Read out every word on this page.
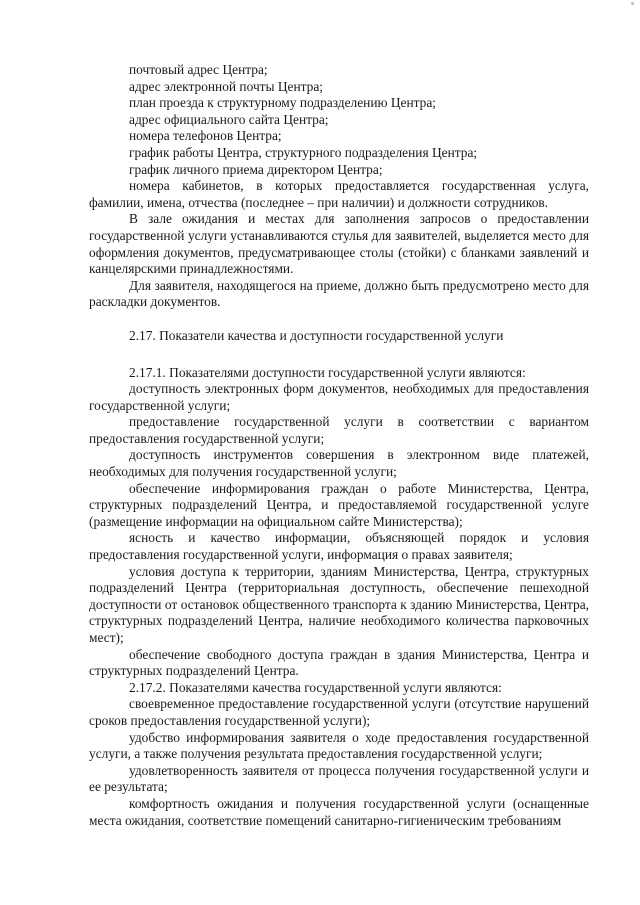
почтовый адрес Центра;

адрес электронной почты Центра;

план проезда к структурному подразделению Центра;

адрес официального сайта Центра;

номера телефонов Центра;

график работы Центра, структурного подразделения Центра;

график личного приема директором Центра;

номера кабинетов, в которых предоставляется государственная услуга, фамилии, имена, отчества (последнее – при наличии) и должности сотрудников.

В зале ожидания и местах для заполнения запросов о предоставлении государственной услуги устанавливаются стулья для заявителей, выделяется место для оформления документов, предусматривающее столы (стойки) с бланками заявлений и канцелярскими принадлежностями.

Для заявителя, находящегося на приеме, должно быть предусмотрено место для раскладки документов.

2.17. Показатели качества и доступности государственной услуги

2.17.1. Показателями доступности государственной услуги являются:

доступность электронных форм документов, необходимых для предоставления государственной услуги;

предоставление государственной услуги в соответствии с вариантом предоставления государственной услуги;

доступность инструментов совершения в электронном виде платежей, необходимых для получения государственной услуги;

обеспечение информирования граждан о работе Министерства, Центра, структурных подразделений Центра, и предоставляемой государственной услуге (размещение информации на официальном сайте Министерства);

ясность и качество информации, объясняющей порядок и условия предоставления государственной услуги, информация о правах заявителя;

условия доступа к территории, зданиям Министерства, Центра, структурных подразделений Центра (территориальная доступность, обеспечение пешеходной доступности от остановок общественного транспорта к зданию Министерства, Центра, структурных подразделений Центра, наличие необходимого количества парковочных мест);

обеспечение свободного доступа граждан в здания Министерства, Центра и структурных подразделений Центра.

2.17.2. Показателями качества государственной услуги являются:

своевременное предоставление государственной услуги (отсутствие нарушений сроков предоставления государственной услуги);

удобство информирования заявителя о ходе предоставления государственной услуги, а также получения результата предоставления государственной услуги;

удовлетворенность заявителя от процесса получения государственной услуги и ее результата;

комфортность ожидания и получения государственной услуги (оснащенные места ожидания, соответствие помещений санитарно-гигиеническим требованиям
